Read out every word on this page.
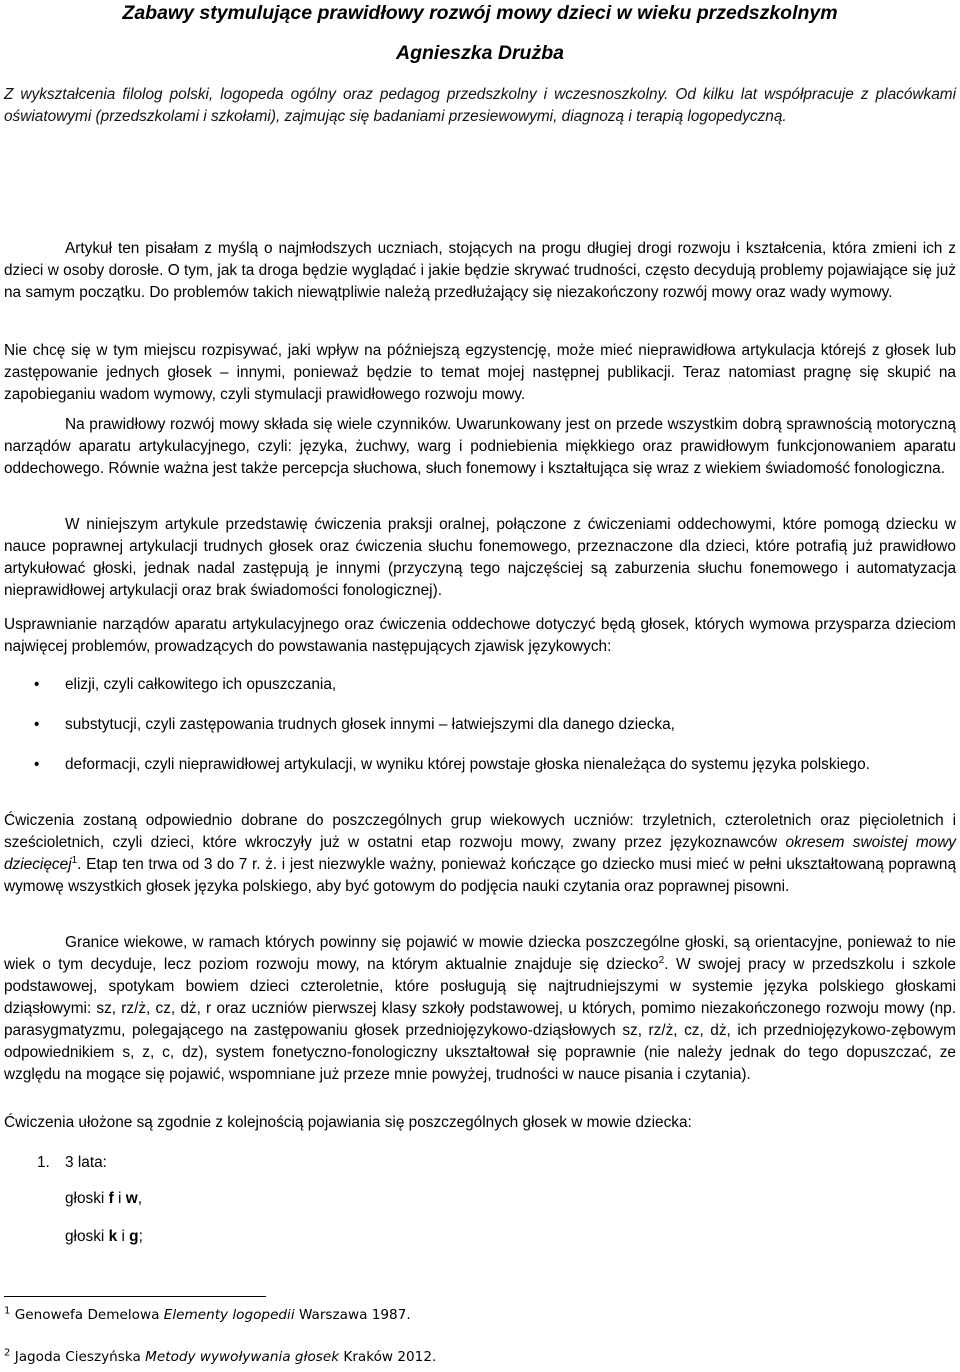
Zabawy stymulujące prawidłowy rozwój mowy dzieci w wieku przedszkolnym
Agnieszka Drużba
Z wykształcenia filolog polski, logopeda ogólny oraz pedagog przedszkolny i wczesnoszkolny. Od kilku lat współpracuje z placówkami oświatowymi (przedszkolami i szkołami), zajmując się badaniami przesiewowymi, diagnozą i terapią logopedyczną.
Artykuł ten pisałam z myślą o najmłodszych uczniach, stojących na progu długiej drogi rozwoju i kształcenia, która zmieni ich z dzieci w osoby dorosłe. O tym, jak ta droga będzie wyglądać i jakie będzie skrywać trudności, często decydują problemy pojawiające się już na samym początku. Do problemów takich niewątpliwie należą przedłużający się niezakończony rozwój mowy oraz wady wymowy.
Nie chcę się w tym miejscu rozpisywać, jaki wpływ na późniejszą egzystencję, może mieć nieprawidłowa artykulacja którejś z głosek lub zastępowanie jednych głosek – innymi, ponieważ będzie to temat mojej następnej publikacji. Teraz natomiast pragnę się skupić na zapobieganiu wadom wymowy, czyli stymulacji prawidłowego rozwoju mowy.
Na prawidłowy rozwój mowy składa się wiele czynników. Uwarunkowany jest on przede wszystkim dobrą sprawnością motoryczną narządów aparatu artykulacyjnego, czyli: języka, żuchwy, warg i podniebienia miękkiego oraz prawidłowym funkcjonowaniem aparatu oddechowego. Równie ważna jest także percepcja słuchowa, słuch fonemowy i kształtująca się wraz z wiekiem świadomość fonologiczna.
W niniejszym artykule przedstawię ćwiczenia praksji oralnej, połączone z ćwiczeniami oddechowymi, które pomogą dziecku w nauce poprawnej artykulacji trudnych głosek oraz ćwiczenia słuchu fonemowego, przeznaczone dla dzieci, które potrafią już prawidłowo artykułować głoski, jednak nadal zastępują je innymi (przyczyną tego najczęściej są zaburzenia słuchu fonemowego i automatyzacja nieprawidłowej artykulacji oraz brak świadomości fonologicznej).
Usprawnianie narządów aparatu artykulacyjnego oraz ćwiczenia oddechowe dotyczyć będą głosek, których wymowa przysparza dzieciom najwięcej problemów, prowadzących do powstawania następujących zjawisk językowych:
• elizji, czyli całkowitego ich opuszczania,
• substytucji, czyli zastępowania trudnych głosek innymi – łatwiejszymi dla danego dziecka,
• deformacji, czyli nieprawidłowej artykulacji, w wyniku której powstaje głoska nienależąca do systemu języka polskiego.
Ćwiczenia zostaną odpowiednio dobrane do poszczególnych grup wiekowych uczniów: trzyletnich, czteroletnich oraz pięcioletnich i sześcioletnich, czyli dzieci, które wkroczyły już w ostatni etap rozwoju mowy, zwany przez językoznawców okresem swoistej mowy dziecięcej$^1$. Etap ten trwa od 3 do 7 r. ż. i jest niezwykle ważny, ponieważ kończące go dziecko musi mieć w pełni ukształtowaną poprawną wymowę wszystkich głosek języka polskiego, aby być gotowym do podjęcia nauki czytania oraz poprawnej pisowni.
Granice wiekowe, w ramach których powinny się pojawić w mowie dziecka poszczególne głoski, są orientacyjne, ponieważ to nie wiek o tym decyduje, lecz poziom rozwoju mowy, na którym aktualnie znajduje się dziecko$^2$. W swojej pracy w przedszkolu i szkole podstawowej, spotykam bowiem dzieci czteroletnie, które posługują się najtrudniejszymi w systemie języka polskiego głoskami dziąsłowymi: sz, rz/ż, cz, dż, r oraz uczniów pierwszej klasy szkoły podstawowej, u których, pomimo niezakończonego rozwoju mowy (np. parasygmatyzmu, polegającego na zastępowaniu głosek przedniojęzykowo-dziąsłowych sz, rz/ż, cz, dż, ich przedniojęzykowo-zębowym odpowiednikiem s, z, c, dz), system fonetyczno-fonologiczny ukształtował się poprawnie (nie należy jednak do tego dopuszczać, ze względu na mogące się pojawić, wspomniane już przeze mnie powyżej, trudności w nauce pisania i czytania).
Ćwiczenia ułożone są zgodnie z kolejnością pojawiania się poszczególnych głosek w mowie dziecka:
1. 3 lata:
głoski f i w,
głoski k i g;
$^1$ Genowefa Demelowa Elementy logopedii Warszawa 1987.
$^2$ Jagoda Cieszyńska Metody wywoływania głosek Kraków 2012.
